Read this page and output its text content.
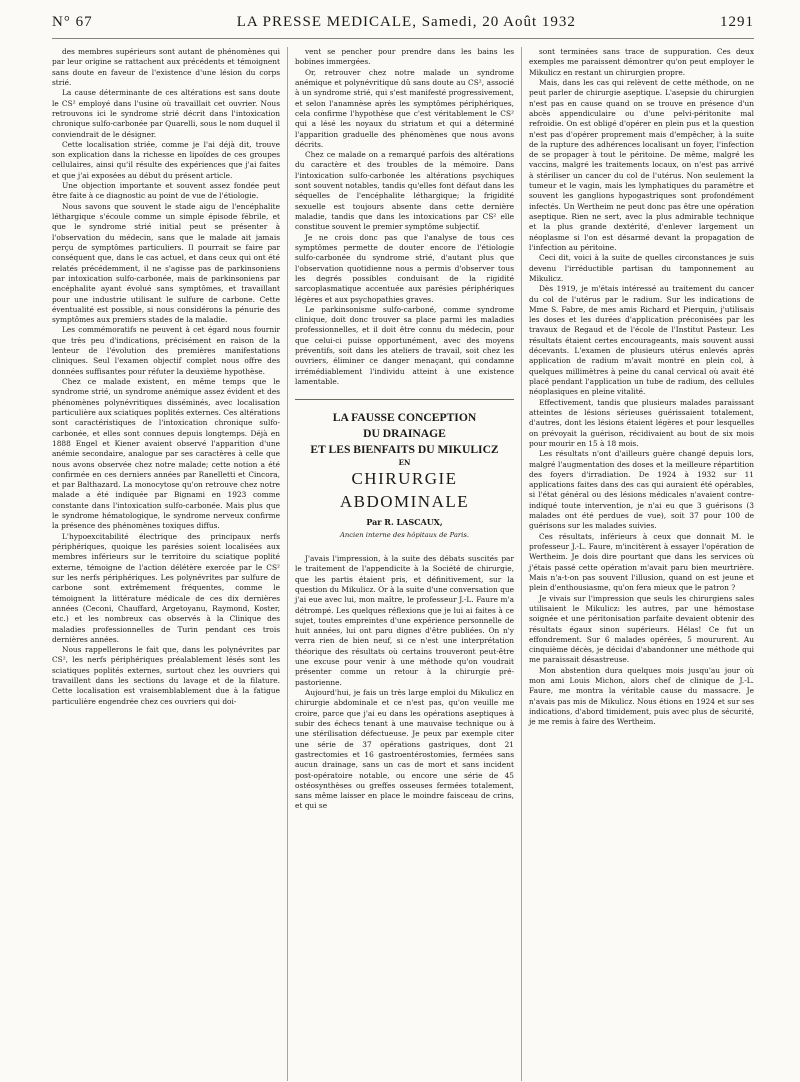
N° 67	LA PRESSE MEDICALE, Samedi, 20 Août 1932	1291

des membres supérieurs sont autant de phénomènes qui par leur origine se rattachent aux précédents et témoignent sans doute en faveur de l'existence d'une lésion du corps strié.

La cause déterminante de ces altérations est sans doute le CS² employé dans l'usine où travaillait cet ouvrier. Nous retrouvons ici le syndrome strié décrit dans l'intoxication chronique sulfo-carbonée par Quarelli, sous le nom duquel il conviendrait de le désigner.

Cette localisation striée, comme je l'ai déjà dit, trouve son explication dans la richesse en lipoïdes de ces groupes cellulaires, ainsi qu'il résulte des expériences que j'ai faites et que j'ai exposées au début du présent article.

Une objection importante et souvent assez fondée peut être faite à ce diagnostic au point de vue de l'étiologie.

Nous savons que souvent le stade aigu de l'encéphalite léthargique s'écoule comme un simple épisode fébrile, et que le syndrome strié initial peut se présenter à l'observation du médecin, sans que le malade ait jamais perçu de symptômes particuliers. Il pourrait se faire par conséquent que, dans le cas actuel, et dans ceux qui ont été relatés précédemment, il ne s'agisse pas de parkinsoniens par intoxication sulfo-carbonée, mais de parkinsoniens par encéphalite ayant évolué sans symptômes, et travaillant pour une industrie utilisant le sulfure de carbone. Cette éventualité est possible, si nous considérons la pénurie des symptômes aux premiers stades de la maladie.

Les commémoratifs ne peuvent à cet égard nous fournir que très peu d'indications, précisément en raison de la lenteur de l'évolution des premières manifestations cliniques. Seul l'examen objectif complet nous offre des données suffisantes pour réfuter la deuxième hypothèse.

Chez ce malade existent, en même temps que le syndrome strié, un syndrome anémique assez évident et des phénomènes polynévritiques disséminés, avec localisation particulière aux sciatiques poplités externes. Ces altérations sont caractéristiques de l'intoxication chronique sulfo-carbonée, et elles sont connues depuis longtemps. Déjà en 1888 Engel et Kiener avaient observé l'apparition d'une anémie secondaire, analogue par ses caractères à celle que nous avons observée chez notre malade; cette notion a été confirmée en ces derniers années par Ranelletti et Cincora, et par Balthazard. La monocytose qu'on retrouve chez notre malade a été indiquée par Bignami en 1923 comme constante dans l'intoxication sulfo-carbonée. Mais plus que le syndrome hématologique, le syndrome nerveux confirme la présence des phénomènes toxiques diffus.

L'hypoexcitabilité électrique des principaux nerfs périphériques, quoique les parésies soient localisées aux membres inférieurs sur le territoire du sciatique poplité externe, témoigne de l'action délétère exercée par le CS² sur les nerfs périphériques. Les polynévrites par sulfure de carbone sont extrêmement fréquentes, comme le témoignent la littérature médicale de ces dix dernières années (Ceconi, Chauffard, Argetoyanu, Raymond, Koster, etc.) et les nombreux cas observés à la Clinique des maladies professionnelles de Turin pendant ces trois dernières années.

Nous rappellerons le fait que, dans les polynévrites par CS², les nerfs périphériques préalablement lésés sont les sciatiques poplités externes, surtout chez les ouvriers qui travaillent dans les sections du lavage et de la filature. Cette localisation est vraisemblablement due à la fatigue particulière engendrée chez ces ouvriers qui doi-

vent se pencher pour prendre dans les bains les bobines immergées.

Or, retrouver chez notre malade un syndrome anémique et polynévritique dû sans doute au CS², associé à un syndrome strié, qui s'est manifesté progressivement, et selon l'anamnèse après les symptômes périphériques, cela confirme l'hypothèse que c'est véritablement le CS² qui a lésé les noyaux du striatum et qui a déterminé l'apparition graduelle des phénomènes que nous avons décrits.

Chez ce malade on a remarqué parfois des altérations du caractère et des troubles de la mémoire. Dans l'intoxication sulfo-carbonée les altérations psychiques sont souvent notables, tandis qu'elles font défaut dans les séquelles de l'encéphalite léthargique; la frigidité sexuelle est toujours absente dans cette dernière maladie, tandis que dans les intoxications par CS² elle constitue souvent le premier symptôme subjectif.

Je ne crois donc pas que l'analyse de tous ces symptômes permette de douter encore de l'étiologie sulfo-carbonée du syndrome strié, d'autant plus que l'observation quotidienne nous a permis d'observer tous les degrés possibles conduisant de la rigidité sarcoplasmatique accentuée aux parésies périphériques légères et aux psychopathies graves.

Le parkinsonisme sulfo-carboné, comme syndrome clinique, doit donc trouver sa place parmi les maladies professionnelles, et il doit être connu du médecin, pour que celui-ci puisse opportunément, avec des moyens préventifs, soit dans les ateliers de travail, soit chez les ouvriers, éliminer ce danger menaçant, qui condamne irrémédiablement l'individu atteint à une existence lamentable.

LA FAUSSE CONCEPTION
DU DRAINAGE
ET LES BIENFAITS DU MIKULICZ
EN
CHIRURGIE ABDOMINALE
Par R. LASCAUX,
Ancien interne des hôpitaux de Paris.

J'avais l'impression, à la suite des débats suscités par le traitement de l'appendicite à la Société de chirurgie, que les partis étaient pris, et définitivement, sur la question du Mikulicz. Or à la suite d'une conversation que j'ai eue avec lui, mon maître, le professeur J.-L. Faure m'a détrompé. Les quelques réflexions que je lui ai faites à ce sujet, toutes empreintes d'une expérience personnelle de huit années, lui ont paru dignes d'être publiées. On n'y verra rien de bien neuf, si ce n'est une interprétation théorique des résultats où certains trouveront peut-être une excuse pour venir à une méthode qu'on voudrait présenter comme un retour à la chirurgie pré-pastorienne.

Aujourd'hui, je fais un très large emploi du Mikulicz en chirurgie abdominale et ce n'est pas, qu'on veuille me croire, parce que j'ai eu dans les opérations aseptiques à subir des échecs tenant à une mauvaise technique ou à une stérilisation défectueuse. Je peux par exemple citer une série de 37 opérations gastriques, dont 21 gastrectomies et 16 gastroentérostomies, fermées sans aucun drainage, sans un cas de mort et sans incident post-opératoire notable, ou encore une série de 45 ostéosynthèses ou greffes osseuses fermées totalement, sans même laisser en place le moindre faisceau de crins, et qui se

sont terminées sans trace de suppuration. Ces deux exemples me paraissent démontrer qu'on peut employer le Mikulicz en restant un chirurgien propre.

Mais, dans les cas qui relèvent de cette méthode, on ne peut parler de chirurgie aseptique. L'asepsie du chirurgien n'est pas en cause quand on se trouve en présence d'un abcès appendiculaire ou d'une pelvi-péritonite mal refroidie. On est obligé d'opérer en plein pus et la question n'est pas d'opérer proprement mais d'empêcher, à la suite de la rupture des adhérences localisant un foyer, l'infection de se propager à tout le péritoine. De même, malgré les vaccins, malgré les traitements locaux, on n'est pas arrivé à stériliser un cancer du col de l'utérus. Non seulement la tumeur et le vagin, mais les lymphatiques du paramètre et souvent les ganglions hypogastriques sont profondément infectés. Un Wertheim ne peut donc pas être une opération aseptique. Rien ne sert, avec la plus admirable technique et la plus grande dextérité, d'enlever largement un néoplasme si l'on est désarmé devant la propagation de l'infection au péritoine.

Ceci dit, voici à la suite de quelles circonstances je suis devenu l'irréductible partisan du tamponnement au Mikulicz.

Dès 1919, je m'étais intéressé au traitement du cancer du col de l'utérus par le radium. Sur les indications de Mme S. Fabre, de mes amis Richard et Pierquin, j'utilisais les doses et les durées d'application préconisées par les travaux de Regaud et de l'école de l'Institut Pasteur. Les résultats étaient certes encourageants, mais souvent aussi décevants. L'examen de plusieurs utérus enlevés après application de radium m'avait montré en plein col, à quelques millimètres à peine du canal cervical où avait été placé pendant l'application un tube de radium, des cellules néoplasiques en pleine vitalité.

Effectivement, tandis que plusieurs malades paraissant atteintes de lésions sérieuses guérissaient totalement, d'autres, dont les lésions étaient légères et pour lesquelles on prévoyait la guérison, récidivaient au bout de six mois pour mourir en 15 à 18 mois.

Les résultats n'ont d'ailleurs guère changé depuis lors, malgré l'augmentation des doses et la meilleure répartition des foyers d'irradiation. De 1924 à 1932 sur 11 applications faites dans des cas qui auraient été opérables, si l'état général ou des lésions médicales n'avaient contre-indiqué toute intervention, je n'ai eu que 3 guérisons (3 malades ont été perdues de vue), soit 37 pour 100 de guérisons sur les malades suivies.

Ces résultats, inférieurs à ceux que donnait M. le professeur J.-L. Faure, m'incitèrent à essayer l'opération de Wertheim. Je dois dire pourtant que dans les services où j'étais passé cette opération m'avait paru bien meurtrière. Mais n'a-t-on pas souvent l'illusion, quand on est jeune et plein d'enthousiasme, qu'on fera mieux que le patron ?

Je vivais sur l'impression que seuls les chirurgiens sales utilisaient le Mikulicz: les autres, par une hémostase soignée et une péritonisation parfaite devaient obtenir des résultats égaux sinon supérieurs. Hélas! Ce fut un effondrement. Sur 6 malades opérées, 5 moururent. Au cinquième décès, je décidai d'abandonner une méthode qui me paraissait désastreuse.

Mon abstention dura quelques mois jusqu'au jour où mon ami Louis Michon, alors chef de clinique de J.-L. Faure, me montra la véritable cause du massacre. Je n'avais pas mis de Mikulicz. Nous étions en 1924 et sur ses indications, d'abord timidement, puis avec plus de sécurité, je me remis à faire des Wertheim.
